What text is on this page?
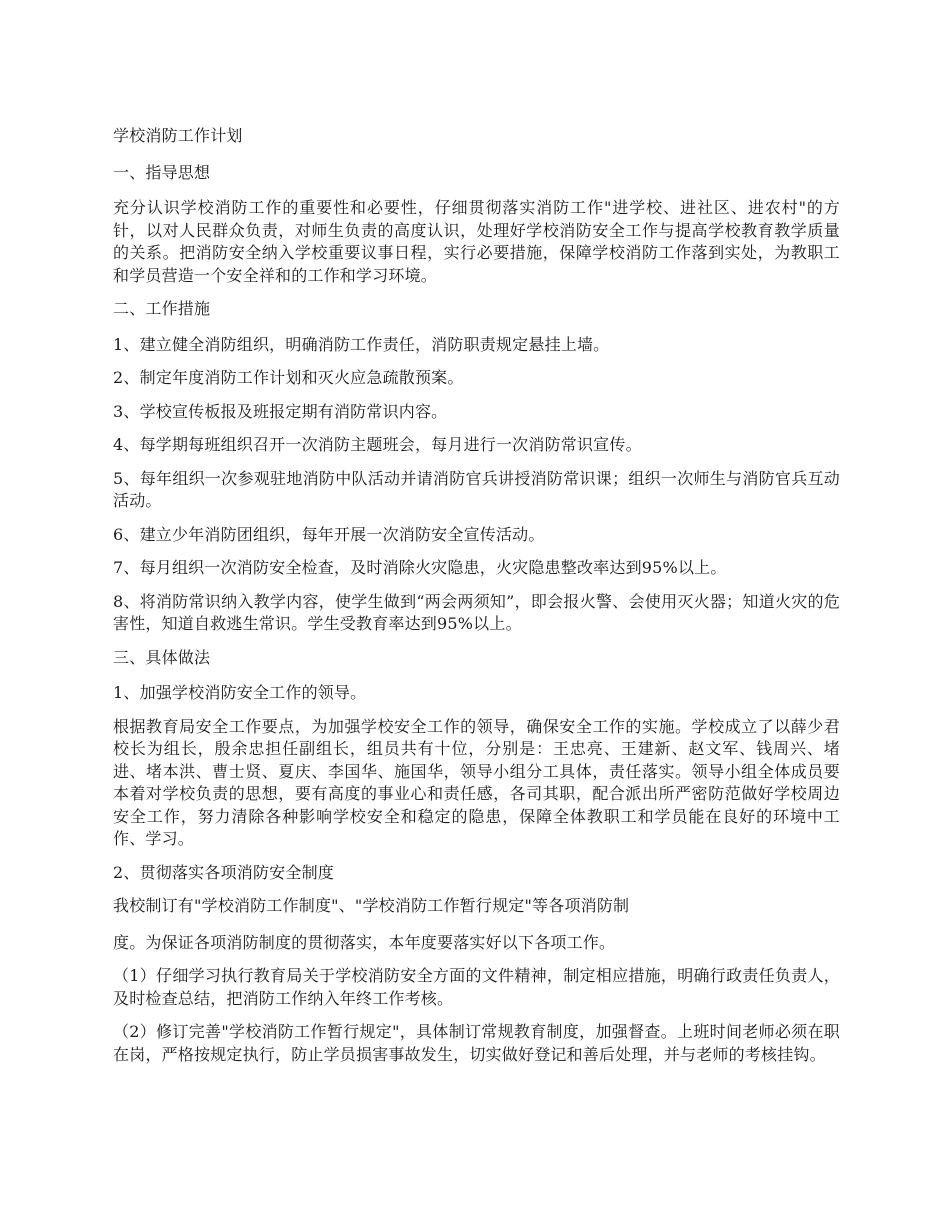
学校消防工作计划

一、指导思想

充分认识学校消防工作的重要性和必要性，仔细贯彻落实消防工作"进学校、进社区、进农村"的方针，以对人民群众负责，对师生负责的高度认识，处理好学校消防安全工作与提高学校教育教学质量的关系。把消防安全纳入学校重要议事日程，实行必要措施，保障学校消防工作落到实处，为教职工和学员营造一个安全祥和的工作和学习环境。

二、工作措施

1、建立健全消防组织，明确消防工作责任，消防职责规定悬挂上墙。

2、制定年度消防工作计划和灭火应急疏散预案。

3、学校宣传板报及班报定期有消防常识内容。

4、每学期每班组织召开一次消防主题班会，每月进行一次消防常识宣传。

5、每年组织一次参观驻地消防中队活动并请消防官兵讲授消防常识课；组织一次师生与消防官兵互动活动。

6、建立少年消防团组织，每年开展一次消防安全宣传活动。

7、每月组织一次消防安全检查，及时消除火灾隐患，火灾隐患整改率达到95%以上。

8、将消防常识纳入教学内容，使学生做到“两会两须知”，即会报火警、会使用灭火器；知道火灾的危害性，知道自救逃生常识。学生受教育率达到95%以上。

三、具体做法

1、加强学校消防安全工作的领导。

根据教育局安全工作要点，为加强学校安全工作的领导，确保安全工作的实施。学校成立了以薛少君校长为组长，殷余忠担任副组长，组员共有十位，分别是：王忠亮、王建新、赵文军、钱周兴、堵进、堵本洪、曹士贤、夏庆、李国华、施国华，领导小组分工具体，责任落实。领导小组全体成员要本着对学校负责的思想，要有高度的事业心和责任感，各司其职，配合派出所严密防范做好学校周边安全工作，努力清除各种影响学校安全和稳定的隐患，保障全体教职工和学员能在良好的环境中工作、学习。

2、贯彻落实各项消防安全制度

我校制订有"学校消防工作制度"、"学校消防工作暂行规定"等各项消防制

度。为保证各项消防制度的贯彻落实，本年度要落实好以下各项工作。

（1）仔细学习执行教育局关于学校消防安全方面的文件精神，制定相应措施，明确行政责任负责人，及时检查总结，把消防工作纳入年终工作考核。

（2）修订完善"学校消防工作暂行规定"，具体制订常规教育制度，加强督查。上班时间老师必须在职在岗，严格按规定执行，防止学员损害事故发生，切实做好登记和善后处理，并与老师的考核挂钩。
